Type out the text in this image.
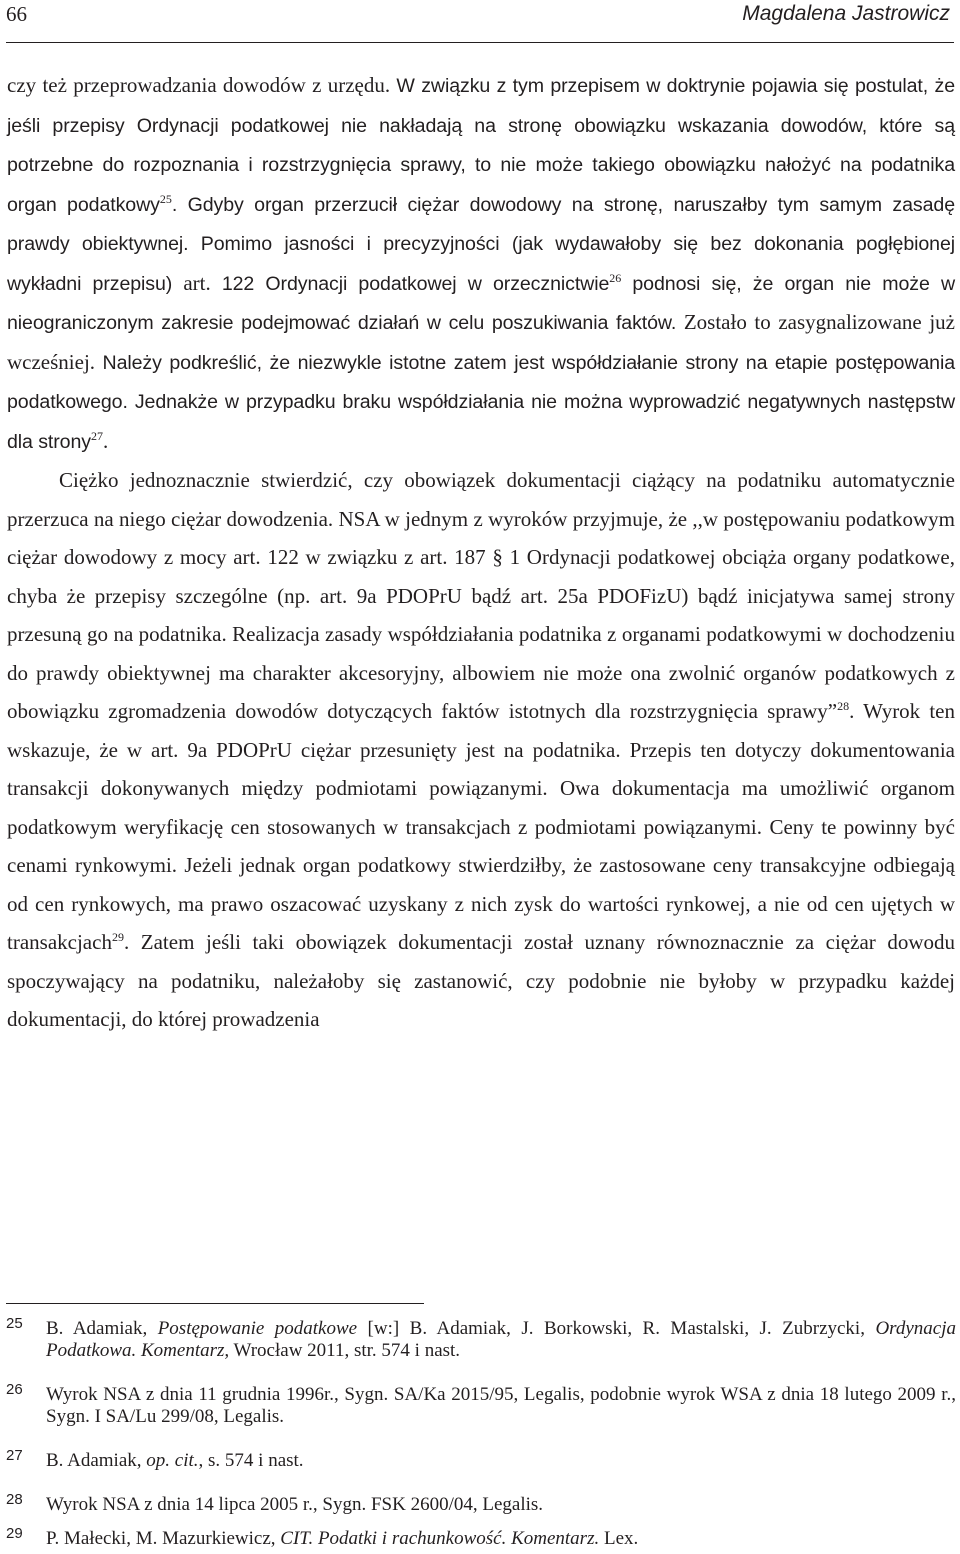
66	Magdalena Jastrowicz

czy też przeprowadzania dowodów z urzędu. W związku z tym przepisem w doktrynie pojawia się postulat, że jeśli przepisy Ordynacji podatkowej nie nakładają na stronę obowiązku wskazania dowodów, które są potrzebne do rozpoznania i rozstrzygnięcia sprawy, to nie może takiego obowiązku nałożyć na podatnika organ podatkowy$^{25}$. Gdyby organ przerzucił ciężar dowodowy na stronę, naruszałby tym samym zasadę prawdy obiektywnej. Pomimo jasności i precyzyjności (jak wydawałoby się bez dokonania pogłębionej wykładni przepisu) art. 122 Ordynacji podatkowej w orzecznictwie$^{26}$ podnosi się, że organ nie może w nieograniczonym zakresie podejmować działań w celu poszukiwania faktów. Zostało to zasygnalizowane już wcześniej. Należy podkreślić, że niezwykle istotne zatem jest współdziałanie strony na etapie postępowania podatkowego. Jednakże w przypadku braku współdziałania nie można wyprowadzić negatywnych następstw dla strony$^{27}$.

Ciężko jednoznacznie stwierdzić, czy obowiązek dokumentacji ciążący na podatniku automatycznie przerzuca na niego ciężar dowodzenia. NSA w jednym z wyroków przyjmuje, że ,,w postępowaniu podatkowym ciężar dowodowy z mocy art. 122 w związku z art. 187 § 1 Ordynacji podatkowej obciąża organy podatkowe, chyba że przepisy szczególne (np. art. 9a PDOPrU bądź art. 25a PDOFizU) bądź inicjatywa samej strony przesuną go na podatnika. Realizacja zasady współdziałania podatnika z organami podatkowymi w dochodzeniu do prawdy obiektywnej ma charakter akcesoryjny, albowiem nie może ona zwolnić organów podatkowych z obowiązku zgromadzenia dowodów dotyczących faktów istotnych dla rozstrzygnięcia sprawy”$^{28}$. Wyrok ten wskazuje, że w art. 9a PDOPrU ciężar przesunięty jest na podatnika. Przepis ten dotyczy dokumentowania transakcji dokonywanych między podmiotami powiązanymi. Owa dokumentacja ma umożliwić organom podatkowym weryfikację cen stosowanych w transakcjach z podmiotami powiązanymi. Ceny te powinny być cenami rynkowymi. Jeżeli jednak organ podatkowy stwierdziłby, że zastosowane ceny transakcyjne odbiegają od cen rynkowych, ma prawo oszacować uzyskany z nich zysk do wartości rynkowej, a nie od cen ujętych w transakcjach$^{29}$. Zatem jeśli taki obowiązek dokumentacji został uznany równoznacznie za ciężar dowodu spoczywający na podatniku, należałoby się zastanowić, czy podobnie nie byłoby w przypadku każdej dokumentacji, do której prowadzenia

25 B. Adamiak, Postępowanie podatkowe [w:] B. Adamiak, J. Borkowski, R. Mastalski, J. Zubrzycki, Ordynacja Podatkowa. Komentarz, Wrocław 2011, str. 574 i nast.
26 Wyrok NSA z dnia 11 grudnia 1996r., Sygn. SA/Ka 2015/95, Legalis, podobnie wyrok WSA z dnia 18 lutego 2009 r., Sygn. I SA/Lu 299/08, Legalis.
27 B. Adamiak, op. cit., s. 574 i nast.
28 Wyrok NSA z dnia 14 lipca 2005 r., Sygn. FSK 2600/04, Legalis.
29 P. Małecki, M. Mazurkiewicz, CIT. Podatki i rachunkowość. Komentarz. Lex.
